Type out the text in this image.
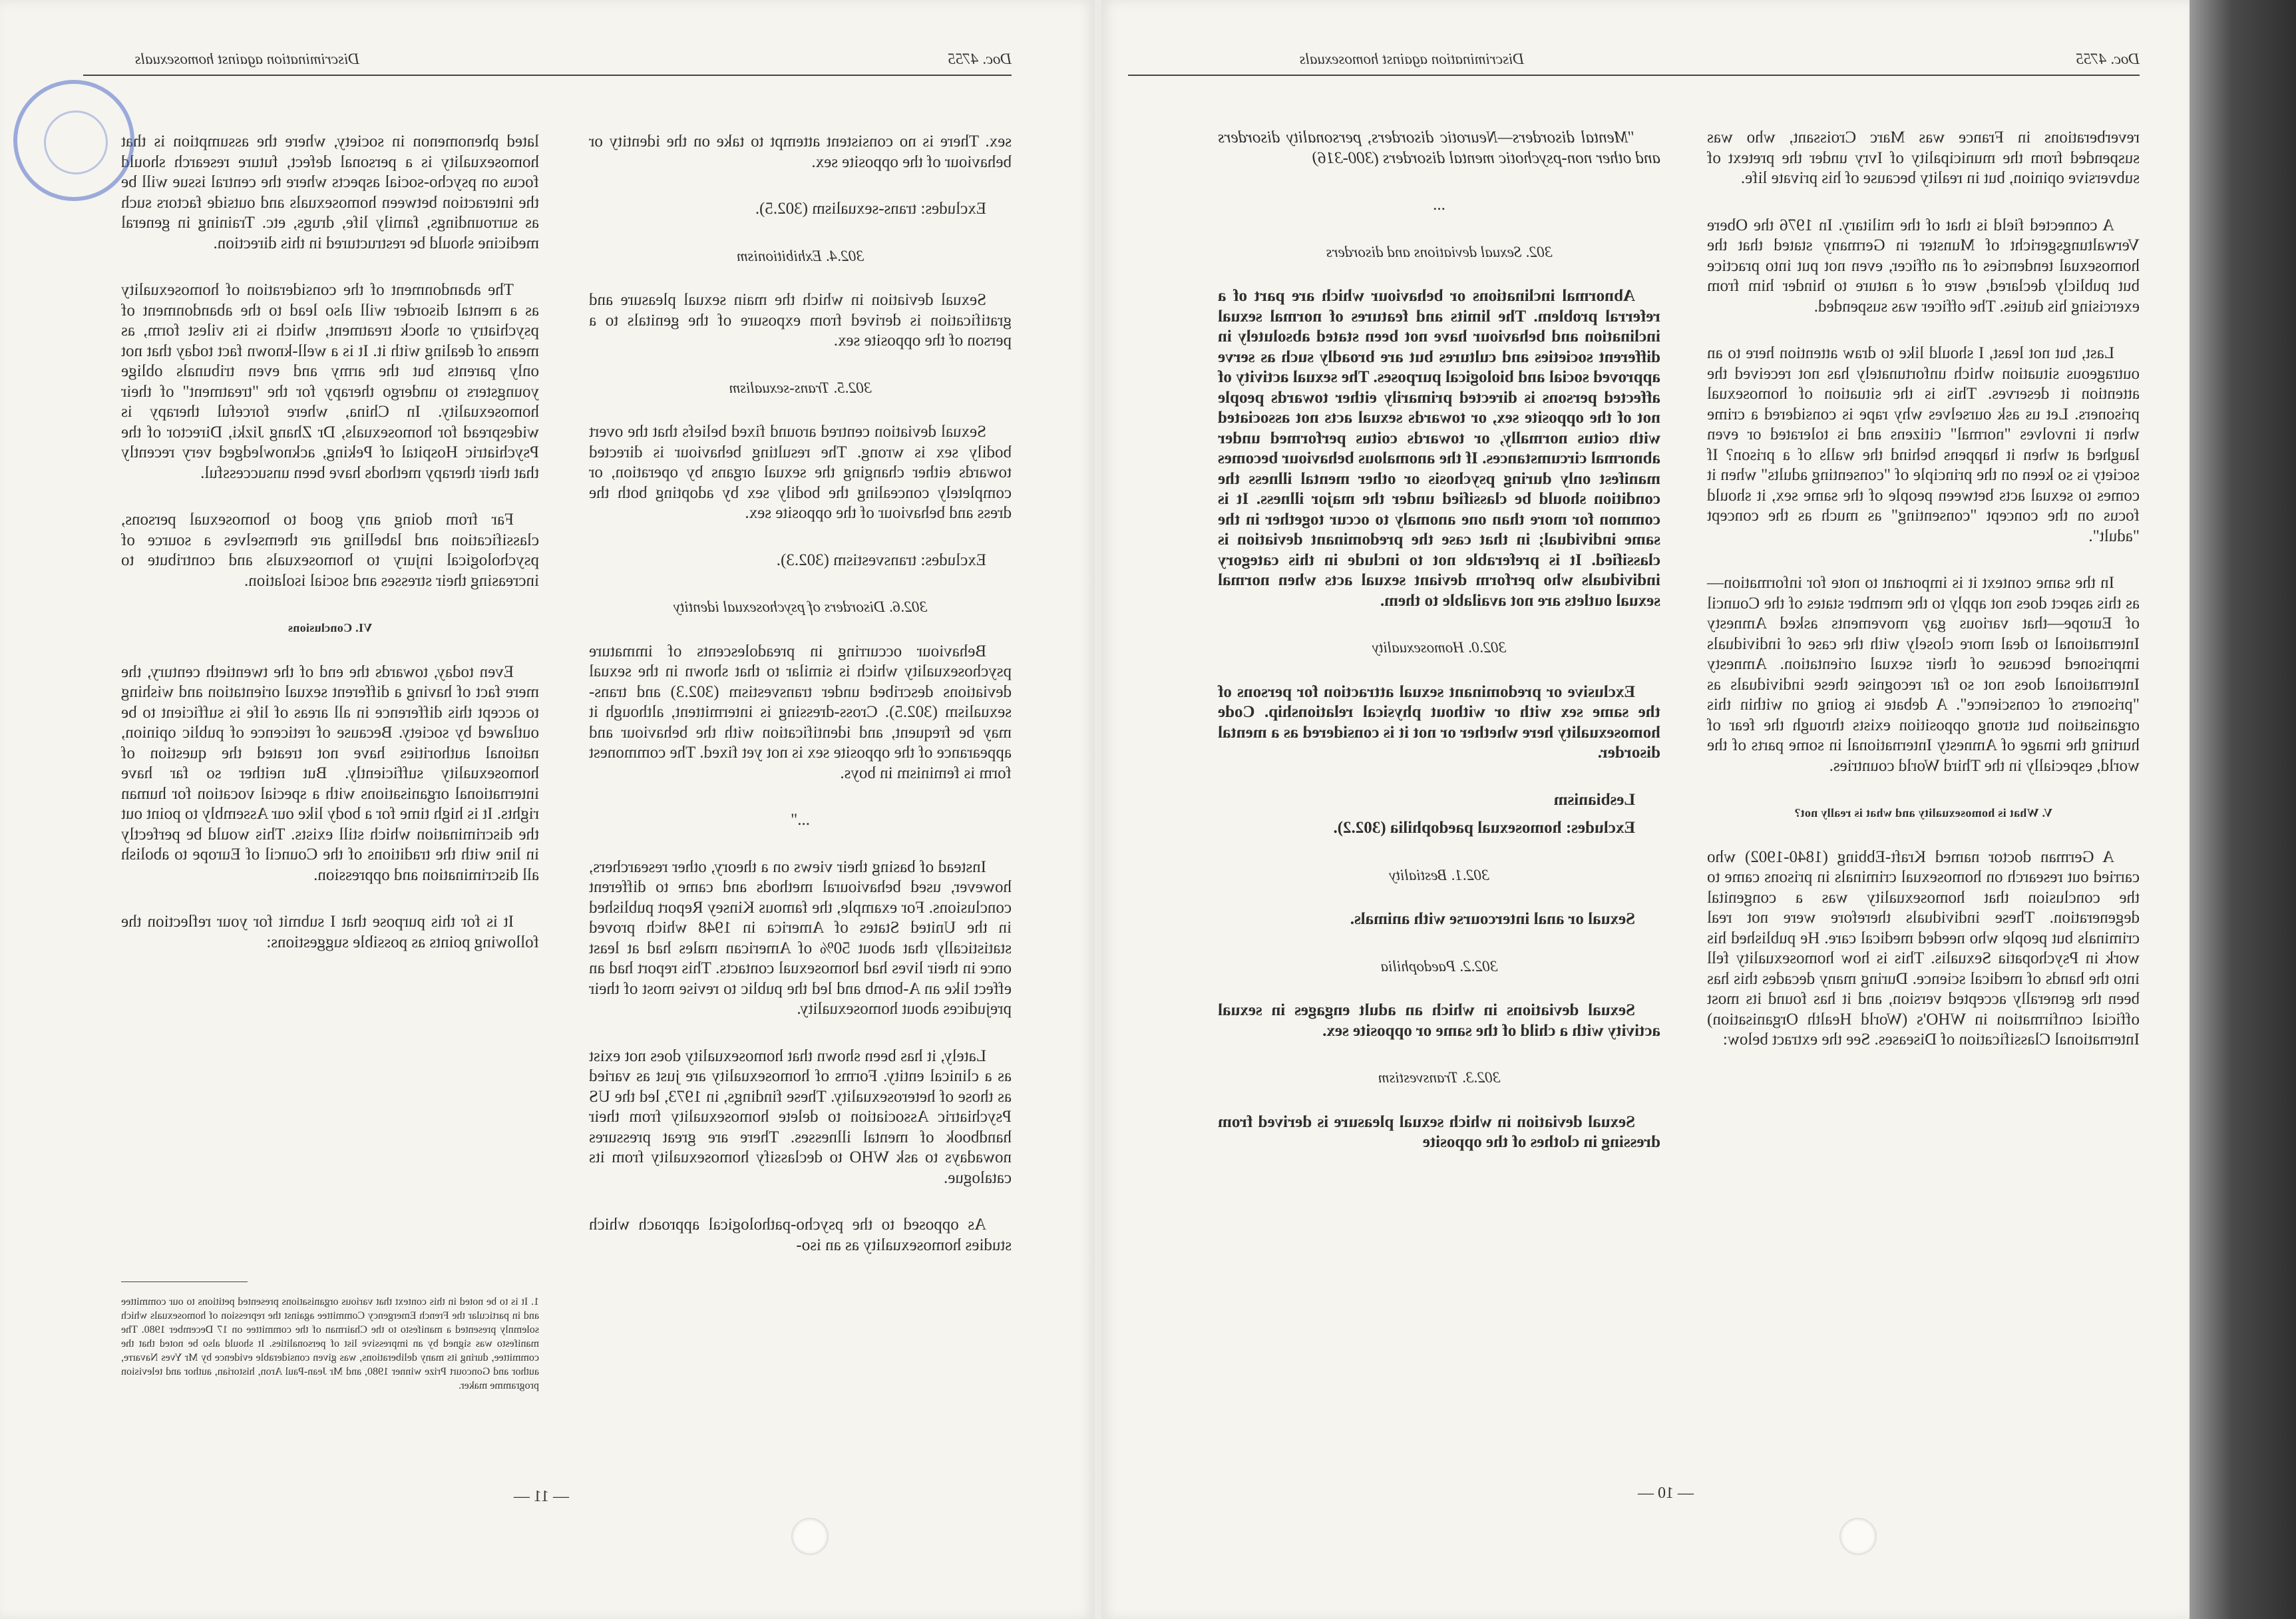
Doc. 4755
Discrimination against homosexuals

sex. There is no consistent attempt to take on the identity or behaviour of the opposite sex.

Excludes: trans-sexualism (302.5).

302.4. Exhibitionism

Sexual deviation in which the main sexual pleasure and gratification is derived from exposure of the genitals to a person of the opposite sex.

302.5. Trans-sexualism

Sexual deviation centred around fixed beliefs that the overt bodily sex is wrong. The resulting behaviour is directed towards either changing the sexual organs by operation, or completely concealing the bodily sex by adopting both the dress and behaviour of the opposite sex.

Excludes: transvestism (302.3).

302.6. Disorders of psychosexual identity

Behaviour occurring in preadolescents of immature psychosexuality which is similar to that shown in the sexual deviations described under transvestism (302.3) and trans-sexualism (302.5). Cross-dressing is intermittent, although it may be frequent, and identification with the behaviour and appearance of the opposite sex is not yet fixed. The commonest form is feminism in boys.

..."

Instead of basing their views on a theory, other researchers, however, used behavioural methods and came to different conclusions. For example, the famous Kinsey Report published in the United States of America in 1948 which proved statistically that about 50% of American males had at least once in their lives had homosexual contacts. This report had an effect like an A-bomb and led the public to revise most of their prejudices about homosexuality.

Lately, it has been shown that homosexuality does not exist as a clinical entity. Forms of homosexuality are just as varied as those of heterosexuality. These findings, in 1973, led the US Psychiatric Association to delete homosexuality from their handbook of mental illnesses. There are great pressures nowadays to ask WHO to declassify homosexuality from its catalogue.

As opposed to the psycho-pathological approach which studies homosexuality as an iso-

lated phenomenon in society, where the assumption is that homosexuality is a personal defect, future research should focus on psycho-social aspects where the central issue will be the interaction between homosexuals and outside factors such as surroundings, family life, drugs, etc. Training in general medicine should be restructured in this direction.

The abandonment of the consideration of homosexuality as a mental disorder will also lead to the abandonment of psychiatry or shock treatment, which is its vilest form, as means of dealing with it. It is a well-known fact today that not only parents but the army and even tribunals oblige youngsters to undergo therapy for the "treatment" of their homosexuality. In China, where forceful therapy is widespread for homosexuals, Dr Zhang Jizki, Director of the Psychiatric Hospital of Peking, acknowledged very recently that their therapy methods have been unsuccessful.

Far from doing any good to homosexual persons, classification and labelling are themselves a source of psychological injury to homosexuals and contribute to increasing their stresses and social isolation.

VI. Conclusions

Even today, towards the end of the twentieth century, the mere fact of having a different sexual orientation and wishing to accept this difference in all areas of life is sufficient to be outlawed by society. Because of reticence of public opinion, national authorities have not treated the question of homosexuality sufficiently. But neither so far have international organisations with a special vocation for human rights. It is high time for a body like our Assembly to point out the discrimination which still exists. This would be perfectly in line with the traditions of the Council of Europe to abolish all discrimination and oppression.

It is for this purpose that I submit for your reflection the following points as possible suggestions:

1. It is to be noted in this context that various organisations presented petitions to our committee and in particular the French Emergency Committee against the repression of homosexuals which solemnly presented a manifesto to the Chairman of the committee on 17 December 1980. The manifesto was signed by an impressive list of personalities. It should also be noted that the committee, during its many deliberations, was given considerable evidence by Mr Yves Navarre, author and Goncourt Prize winner 1980, and Mr Jean-Paul Aron, historian, author and television programme maker.
— 11 —
Doc. 4755
Discrimination against homosexuals

reverberations in France was Marc Croissant, who was suspended from the municipality of Ivry under the pretext of subversive opinion, but in reality because of his private life.

A connected field is that of the military. In 1976 the Obere Verwaltungsgericht of Munster in Germany stated that the homosexual tendencies of an officer, even not put into practice but publicly declared, were of a nature to hinder him from exercising his duties. The officer was suspended.

Last, but not least, I should like to draw attention here to an outrageous situation which unfortunately has not received the attention it deserves. This is the situation of homosexual prisoners. Let us ask ourselves why rape is considered a crime when it involves "normal" citizens and is tolerated or even laughed at when it happens behind the walls of a prison? If society is so keen on the principle of "consenting adults" when it comes to sexual acts between people of the same sex, it should focus on the concept "consenting" as much as the concept "adult".

In the same context it is important to note for information—as this aspect does not apply to the member states of the Council of Europe—that various gay movements asked Amnesty International to deal more closely with the case of individuals imprisoned because of their sexual orientation. Amnesty International does not so far recognise these individuals as "prisoners of conscience". A debate is going on within this organisation but strong opposition exists through the fear of hurting the image of Amnesty International in some parts of the world, especially in the Third World countries.

V. What is homosexuality and what is really not?

A German doctor named Kraft-Ebbing (1840-1902) who carried out research on homosexual criminals in prisons came to the conclusion that homosexuality was a congenital degeneration. These individuals therefore were not real criminals but people who needed medical care. He published his work in Psychopatia Sexualis. This is how homosexuality fell into the hands of medical science. During many decades this has been the generally accepted version, and it has found its most official confirmation in WHO's (World Health Organisation) International Classification of Diseases. See the extract below:

"Mental disorders—Neurotic disorders, personality disorders and other non-psychotic mental disorders (300-316)

...

302. Sexual deviations and disorders

Abnormal inclinations or behaviour which are part of a referral problem. The limits and features of normal sexual inclination and behaviour have not been stated absolutely in different societies and cultures but are broadly such as serve approved social and biological purposes. The sexual activity of affected persons is directed primarily either towards people not of the opposite sex, or towards sexual acts not associated with coitus normally, or towards coitus performed under abnormal circumstances. If the anomalous behaviour becomes manifest only during psychosis or other mental illness the condition should be classified under the major illness. It is common for more than one anomaly to occur together in the same individual; in that case the predominant deviation is classified. It is preferable not to include in this category individuals who perform deviant sexual acts when normal sexual outlets are not available to them.

302.0. Homosexuality

Exclusive or predominant sexual attraction for persons of the same sex with or without physical relationship. Code homosexuality here whether or not it is considered as a mental disorder.

Lesbianism

Excludes: homosexual paedophilia (302.2).

302.1. Bestiality

Sexual or anal intercourse with animals.

302.2. Paedophilia

Sexual deviations in which an adult engages in sexual activity with a child of the same or opposite sex.

302.3. Transvestism

Sexual deviation in which sexual pleasure is derived from dressing in clothes of the opposite

— 10 —
